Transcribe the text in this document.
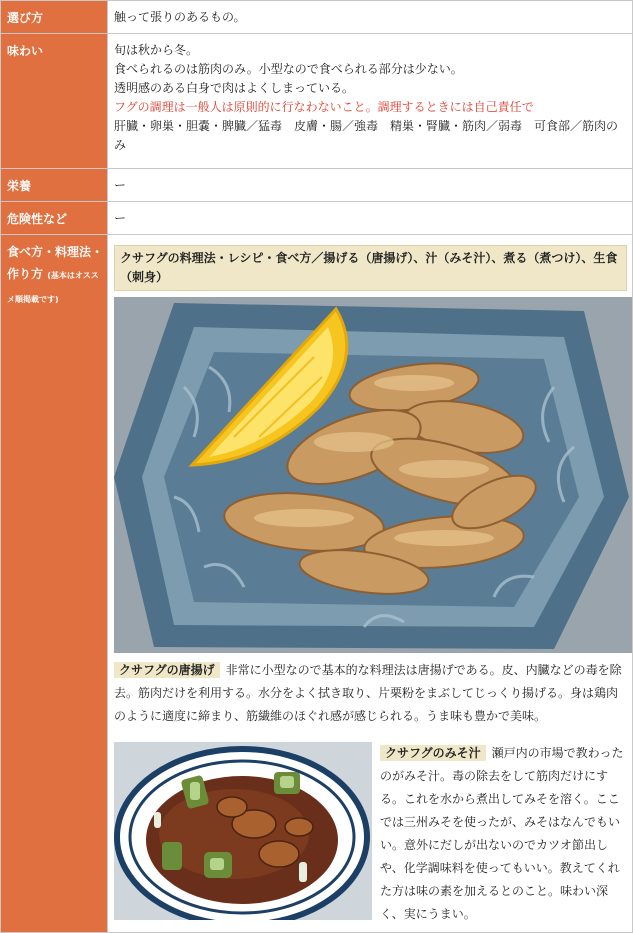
選び方	触って張りのあるもの。
味わい	旬は秋から冬。
食べられるのは筋肉のみ。小型なので食べられる部分は少ない。
透明感のある白身で肉はよくしまっている。
フグの調理は一般人は原則的に行なわないこと。調理するときには自己責任で
肝臓・卵巣・胆嚢・脾臓／猛毒　皮膚・腸／強毒　精巣・腎臓・筋肉／弱毒　可食部／筋肉のみ

栄養	ー
危険性など	ー
食べ方・料理法・作り方 (基本はオスス メ順掲載です)	クサフグの料理法・レシピ・食べ方／揚げる（唐揚げ）、汁（みそ汁）、煮る（煮つけ）、生食（刺身）

クサフグの唐揚げ 非常に小型なので基本的な料理法は唐揚げである。皮、内臓などの毒を除去。筋肉だけを利用する。水分をよく拭き取り、片栗粉をまぶしてじっくり揚げる。身は鶏肉のように適度に締まり、筋繊維のほぐれ感が感じられる。うま味も豊かで美味。

クサフグのみそ汁 瀬戸内の市場で教わったのがみそ汁。毒の除去をして筋肉だけにする。これを水から煮出してみそを溶く。ここでは三州みそを使ったが、みそはなんでもいい。意外にだしが出ないのでカツオ節出しや、化学調味料を使ってもいい。教えてくれた方は味の素を加えるとのこと。味わい深く、実にうまい。
